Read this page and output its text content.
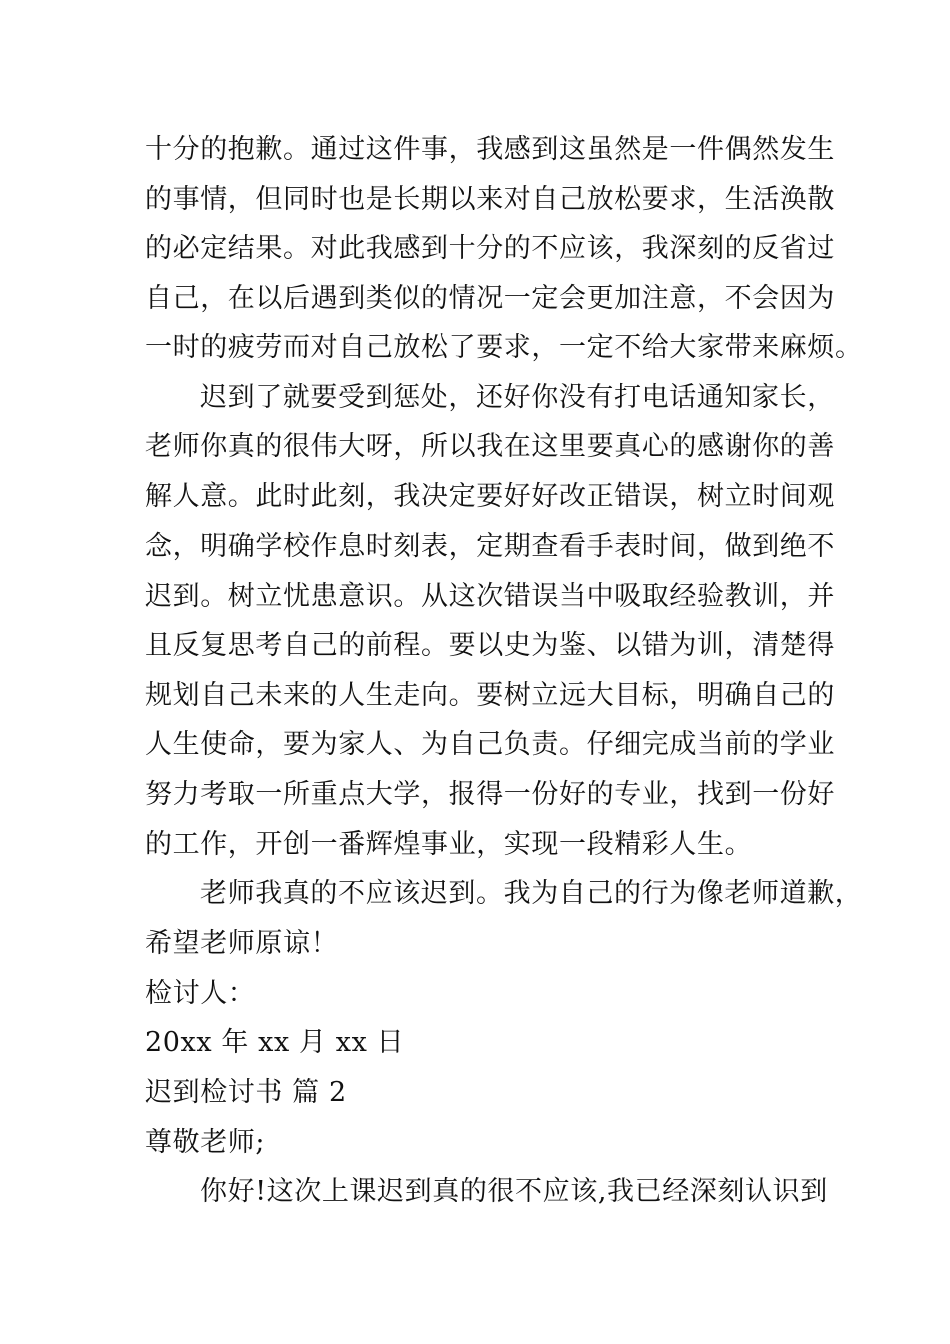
十分的抱歉。通过这件事，我感到这虽然是一件偶然发生
的事情，但同时也是长期以来对自己放松要求，生活涣散
的必定结果。对此我感到十分的不应该，我深刻的反省过
自己，在以后遇到类似的情况一定会更加注意，不会因为
一时的疲劳而对自己放松了要求，一定不给大家带来麻烦。
迟到了就要受到惩处，还好你没有打电话通知家长，
老师你真的很伟大呀，所以我在这里要真心的感谢你的善
解人意。此时此刻，我决定要好好改正错误，树立时间观
念，明确学校作息时刻表，定期查看手表时间，做到绝不
迟到。树立忧患意识。从这次错误当中吸取经验教训，并
且反复思考自己的前程。要以史为鉴、以错为训，清楚得
规划自己未来的人生走向。要树立远大目标，明确自己的
人生使命，要为家人、为自己负责。仔细完成当前的学业
努力考取一所重点大学，报得一份好的专业，找到一份好
的工作，开创一番辉煌事业，实现一段精彩人生。
老师我真的不应该迟到。我为自己的行为像老师道歉，
希望老师原谅！
检讨人：
20xx 年 xx 月 xx 日
迟到检讨书 篇 2
尊敬老师;
你好!这次上课迟到真的很不应该,我已经深刻认识到
